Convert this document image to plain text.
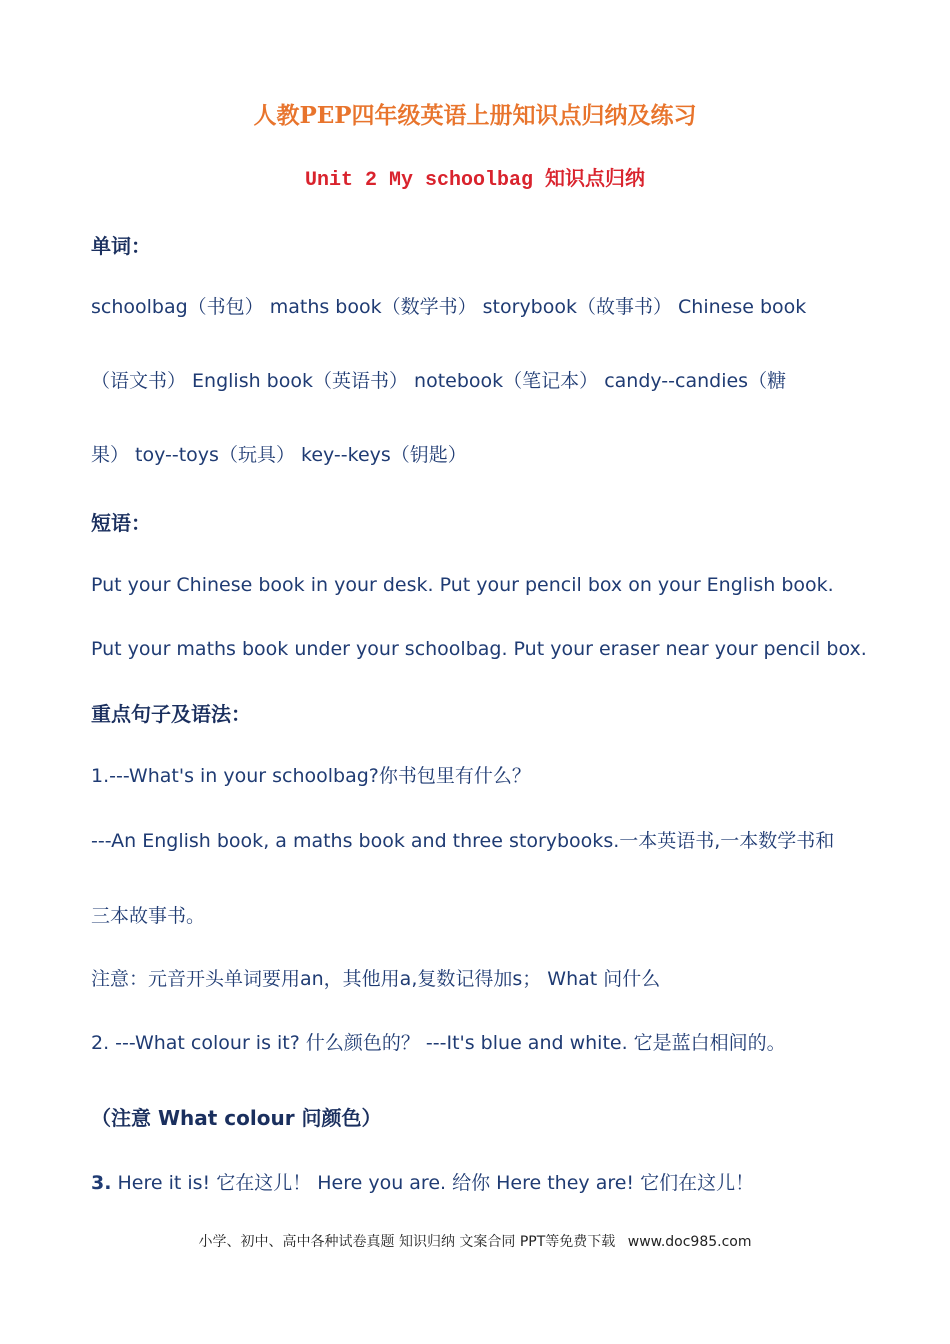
人教PEP四年级英语上册知识点归纳及练习
Unit 2 My schoolbag 知识点归纳
单词：
schoolbag（书包） maths book（数学书） storybook（故事书） Chinese book
（语文书） English book（英语书） notebook（笔记本） candy--candies（糖
果） toy--toys（玩具） key--keys（钥匙）
短语：
Put your Chinese book in your desk. Put your pencil box on your English book.
Put your maths book under your schoolbag. Put your eraser near your pencil box.
重点句子及语法：
1.---What's in your schoolbag?你书包里有什么？
---An English book, a maths book and three storybooks.一本英语书,一本数学书和
三本故事书。
注意：元音开头单词要用an，其他用a,复数记得加s； What 问什么
2. ---What colour is it? 什么颜色的？ ---It's blue and white. 它是蓝白相间的。
（注意 What colour 问颜色）
3. Here it is! 它在这儿！ Here you are. 给你 Here they are! 它们在这儿！
小学、初中、高中各种试卷真题 知识归纳 文案合同 PPT等免费下载 www.doc985.com
